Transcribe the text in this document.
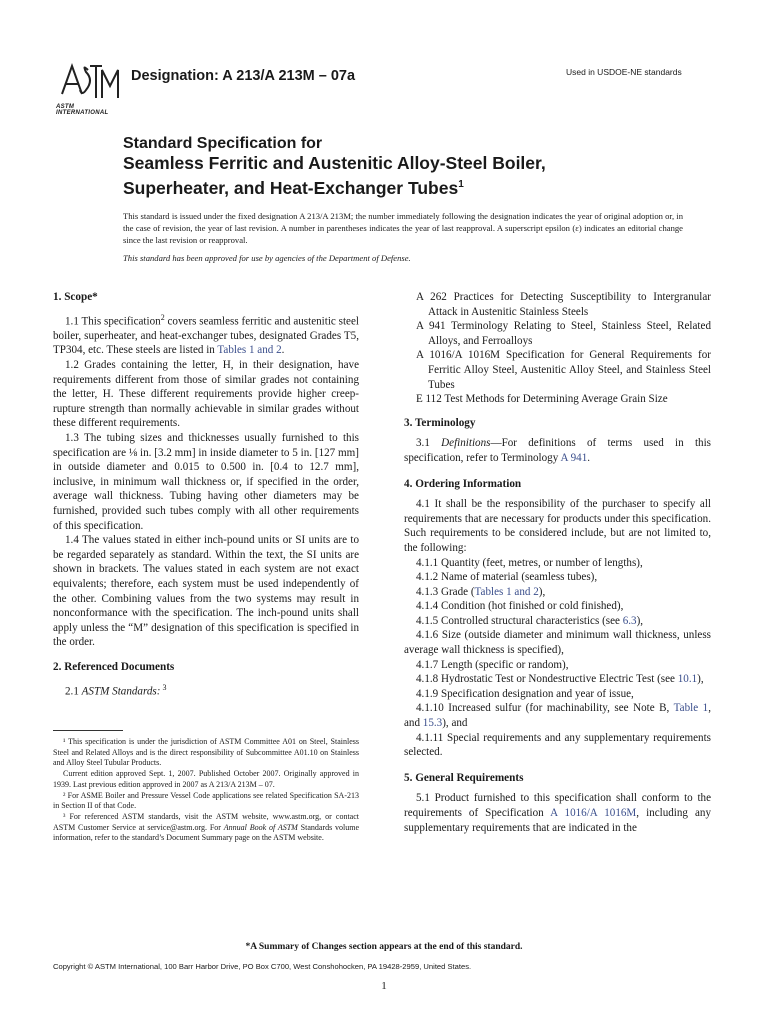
ASTM INTERNATIONAL
Designation: A 213/A 213M – 07a	Used in USDOE-NE standards
Standard Specification for
Seamless Ferritic and Austenitic Alloy-Steel Boiler,
Superheater, and Heat-Exchanger Tubes$^1$
This standard is issued under the fixed designation A 213/A 213M; the number immediately following the designation indicates the year of original adoption or, in the case of revision, the year of last revision. A number in parentheses indicates the year of last reapproval. A superscript epsilon (ε) indicates an editorial change since the last revision or reapproval.
This standard has been approved for use by agencies of the Department of Defense.
1. Scope*

1.1 This specification$^2$ covers seamless ferritic and austenitic steel boiler, superheater, and heat-exchanger tubes, designated Grades T5, TP304, etc. These steels are listed in Tables 1 and 2.

1.2 Grades containing the letter, H, in their designation, have requirements different from those of similar grades not containing the letter, H. These different requirements provide higher creep-rupture strength than normally achievable in similar grades without these different requirements.

1.3 The tubing sizes and thicknesses usually furnished to this specification are ⅛ in. [3.2 mm] in inside diameter to 5 in. [127 mm] in outside diameter and 0.015 to 0.500 in. [0.4 to 12.7 mm], inclusive, in minimum wall thickness or, if specified in the order, average wall thickness. Tubing having other diameters may be furnished, provided such tubes comply with all other requirements of this specification.

1.4 The values stated in either inch-pound units or SI units are to be regarded separately as standard. Within the text, the SI units are shown in brackets. The values stated in each system are not exact equivalents; therefore, each system must be used independently of the other. Combining values from the two systems may result in nonconformance with the specification. The inch-pound units shall apply unless the “M” designation of this specification is specified in the order.

2. Referenced Documents

2.1 ASTM Standards: $^3$

¹ This specification is under the jurisdiction of ASTM Committee A01 on Steel, Stainless Steel and Related Alloys and is the direct responsibility of Subcommittee A01.10 on Stainless and Alloy Steel Tubular Products.

Current edition approved Sept. 1, 2007. Published October 2007. Originally approved in 1939. Last previous edition approved in 2007 as A 213/A 213M – 07.

² For ASME Boiler and Pressure Vessel Code applications see related Specification SA-213 in Section II of that Code.

³ For referenced ASTM standards, visit the ASTM website, www.astm.org, or contact ASTM Customer Service at service@astm.org. For Annual Book of ASTM Standards volume information, refer to the standard’s Document Summary page on the ASTM website.

A 262 Practices for Detecting Susceptibility to Intergranular Attack in Austenitic Stainless Steels

A 941 Terminology Relating to Steel, Stainless Steel, Related Alloys, and Ferroalloys

A 1016/A 1016M Specification for General Requirements for Ferritic Alloy Steel, Austenitic Alloy Steel, and Stainless Steel Tubes

E 112 Test Methods for Determining Average Grain Size

3. Terminology

3.1 Definitions—For definitions of terms used in this specification, refer to Terminology A 941.

4. Ordering Information

4.1 It shall be the responsibility of the purchaser to specify all requirements that are necessary for products under this specification. Such requirements to be considered include, but are not limited to, the following:

4.1.1 Quantity (feet, metres, or number of lengths),

4.1.2 Name of material (seamless tubes),

4.1.3 Grade (Tables 1 and 2),

4.1.4 Condition (hot finished or cold finished),

4.1.5 Controlled structural characteristics (see 6.3),

4.1.6 Size (outside diameter and minimum wall thickness, unless average wall thickness is specified),

4.1.7 Length (specific or random),

4.1.8 Hydrostatic Test or Nondestructive Electric Test (see 10.1),

4.1.9 Specification designation and year of issue,

4.1.10 Increased sulfur (for machinability, see Note B, Table 1, and 15.3), and

4.1.11 Special requirements and any supplementary requirements selected.

5. General Requirements

5.1 Product furnished to this specification shall conform to the requirements of Specification A 1016/A 1016M, including any supplementary requirements that are indicated in the

*A Summary of Changes section appears at the end of this standard.
Copyright © ASTM International, 100 Barr Harbor Drive, PO Box C700, West Conshohocken, PA 19428-2959, United States.
1
